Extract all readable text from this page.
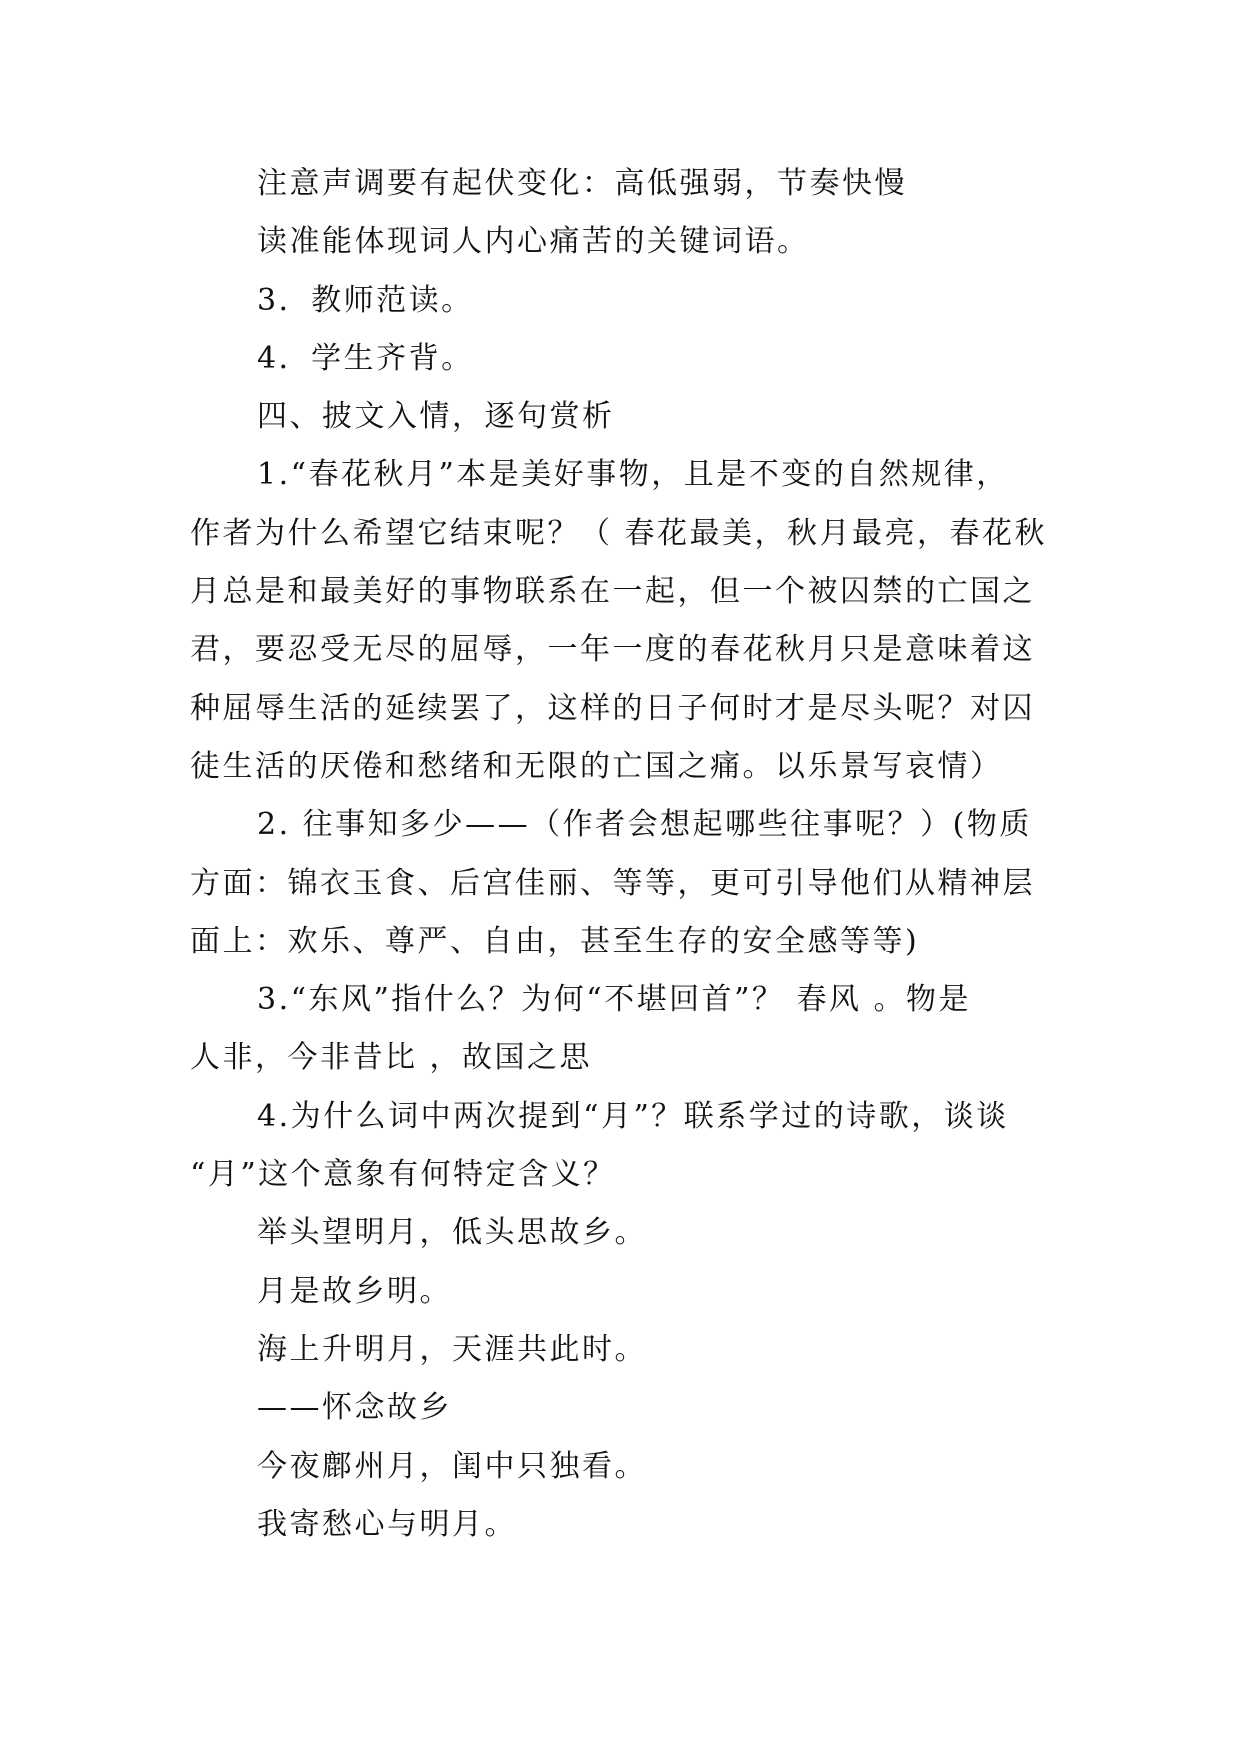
注意声调要有起伏变化：高低强弱，节奏快慢
读准能体现词人内心痛苦的关键词语。
3．教师范读。
4．学生齐背。
四、披文入情，逐句赏析
1.“春花秋月”本是美好事物，且是不变的自然规律，
作者为什么希望它结束呢？（ 春花最美，秋月最亮，春花秋
月总是和最美好的事物联系在一起，但一个被囚禁的亡国之
君，要忍受无尽的屈辱，一年一度的春花秋月只是意味着这
种屈辱生活的延续罢了，这样的日子何时才是尽头呢？对囚
徒生活的厌倦和愁绪和无限的亡国之痛。以乐景写哀情）
2. 往事知多少——（作者会想起哪些往事呢？）(物质
方面：锦衣玉食、后宫佳丽、等等，更可引导他们从精神层
面上：欢乐、尊严、自由，甚至生存的安全感等等)
3.“东风”指什么？为何“不堪回首”？ 春风 。物是
人非，今非昔比 ，故国之思
4.为什么词中两次提到“月”？联系学过的诗歌，谈谈
“月”这个意象有何特定含义？
举头望明月，低头思故乡。
月是故乡明。
海上升明月，天涯共此时。
——怀念故乡
今夜鄜州月，闺中只独看。
我寄愁心与明月。
